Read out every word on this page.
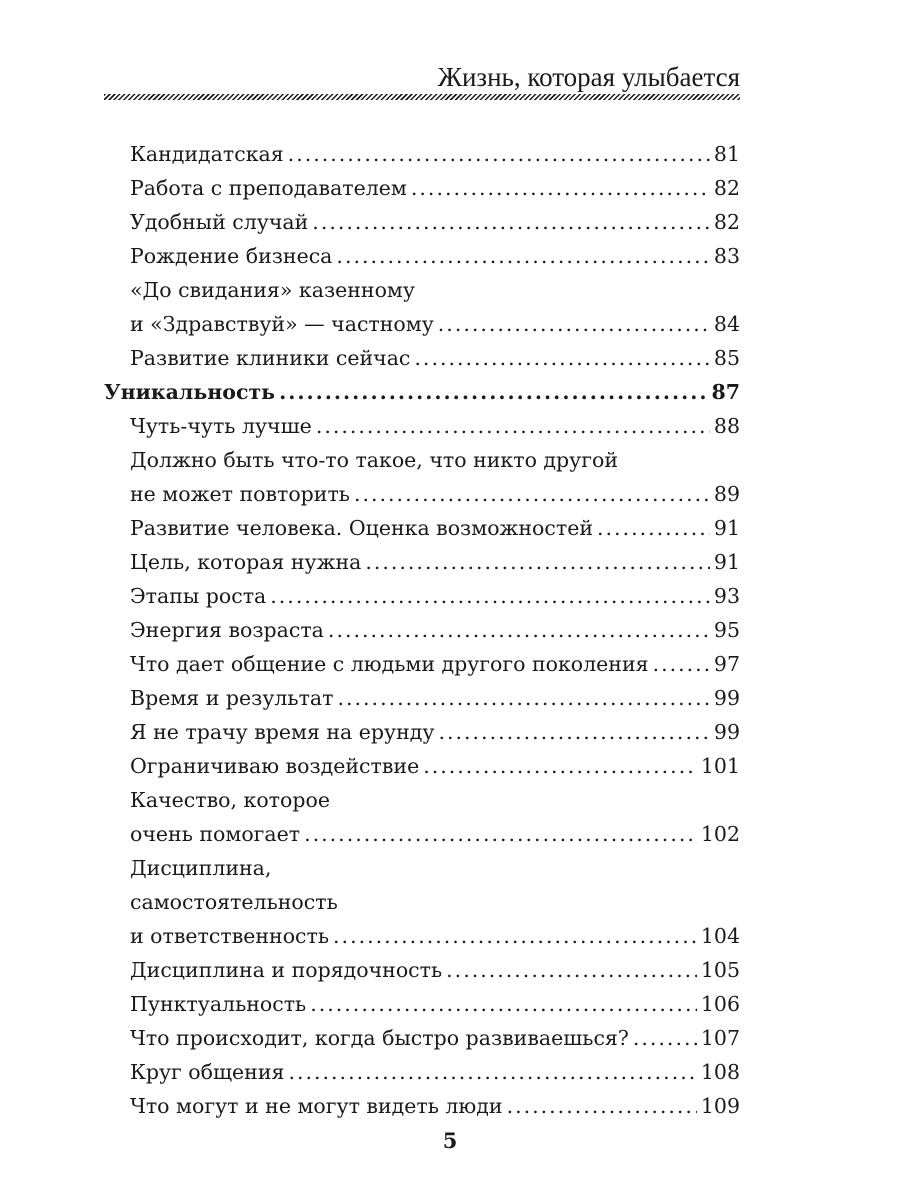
Жизнь, которая улыбается
Кандидатская .....	81
Работа с преподавателем .....	82
Удобный случай .....	82
Рождение бизнеса .....	83
«До свидания» казенному
и «Здравствуй» — частному .....	84
Развитие клиники сейчас .....	85
Уникальность .....	87
Чуть-чуть лучше .....	88
Должно быть что-то такое, что никто другой
не может повторить .....	89
Развитие человека. Оценка возможностей .....	91
Цель, которая нужна .....	91
Этапы роста .....	93
Энергия возраста .....	95
Что дает общение с людьми другого поколения .....	97
Время и результат .....	99
Я не трачу время на ерунду .....	99
Ограничиваю воздействие .....	101
Качество, которое
очень помогает .....	102
Дисциплина,
самостоятельность
и ответственность .....	104
Дисциплина и порядочность .....	105
Пунктуальность .....	106
Что происходит, когда быстро развиваешься? .....	107
Круг общения .....	108
Что могут и не могут видеть люди .....	109
5
